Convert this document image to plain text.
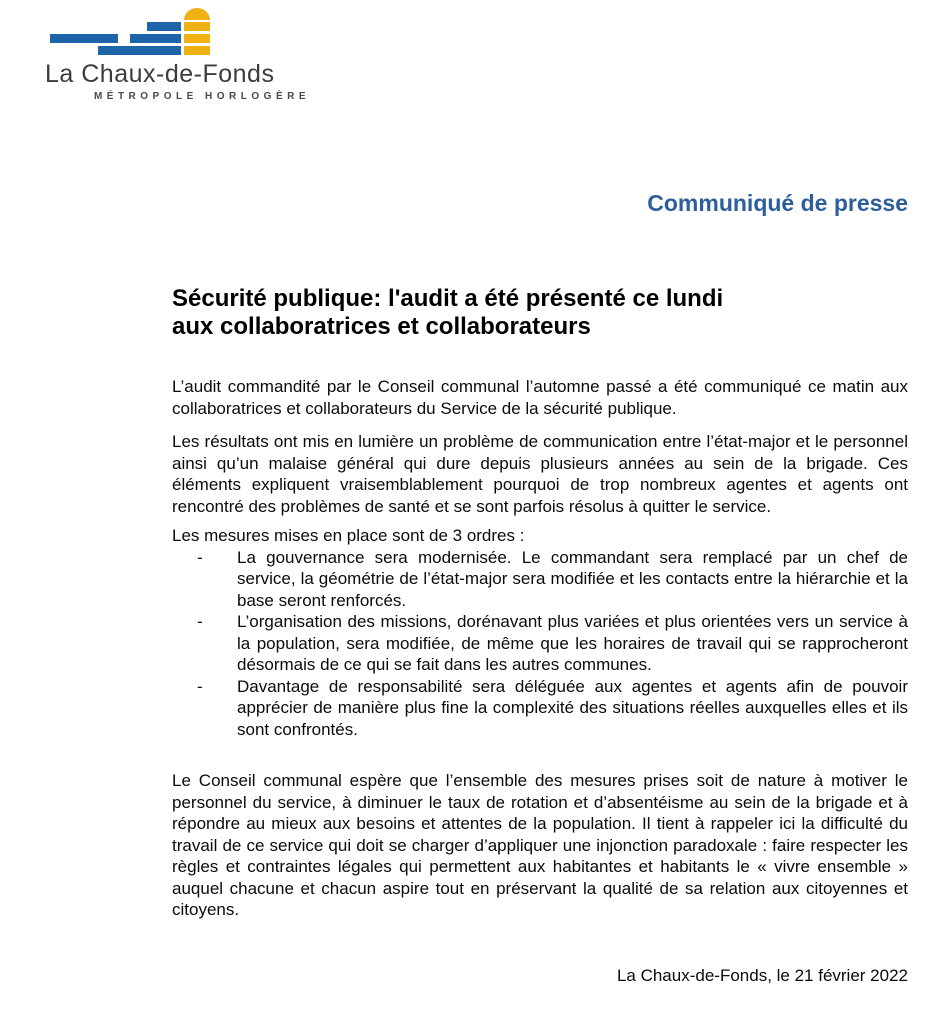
La Chaux-de-Fonds
MÉTROPOLE HORLOGÈRE
Communiqué de presse
Sécurité publique: l'audit a été présenté ce lundi
aux collaboratrices et collaborateurs

L’audit commandité par le Conseil communal l’automne passé a été communiqué ce matin aux collaboratrices et collaborateurs du Service de la sécurité publique.

Les résultats ont mis en lumière un problème de communication entre l’état-major et le personnel ainsi qu’un malaise général qui dure depuis plusieurs années au sein de la brigade. Ces éléments expliquent vraisemblablement pourquoi de trop nombreux agentes et agents ont rencontré des problèmes de santé et se sont parfois résolus à quitter le service.

Les mesures mises en place sont de 3 ordres :

- La gouvernance sera modernisée. Le commandant sera remplacé par un chef de service, la géométrie de l’état-major sera modifiée et les contacts entre la hiérarchie et la base seront renforcés.
- L’organisation des missions, dorénavant plus variées et plus orientées vers un service à la population, sera modifiée, de même que les horaires de travail qui se rapprocheront désormais de ce qui se fait dans les autres communes.
- Davantage de responsabilité sera déléguée aux agentes et agents afin de pouvoir apprécier de manière plus fine la complexité des situations réelles auxquelles elles et ils sont confrontés.

Le Conseil communal espère que l’ensemble des mesures prises soit de nature à motiver le personnel du service, à diminuer le taux de rotation et d’absentéisme au sein de la brigade et à répondre au mieux aux besoins et attentes de la population. Il tient à rappeler ici la difficulté du travail de ce service qui doit se charger d’appliquer une injonction paradoxale : faire respecter les règles et contraintes légales qui permettent aux habitantes et habitants le « vivre ensemble » auquel chacune et chacun aspire tout en préservant la qualité de sa relation aux citoyennes et citoyens.

La Chaux-de-Fonds, le 21 février 2022
